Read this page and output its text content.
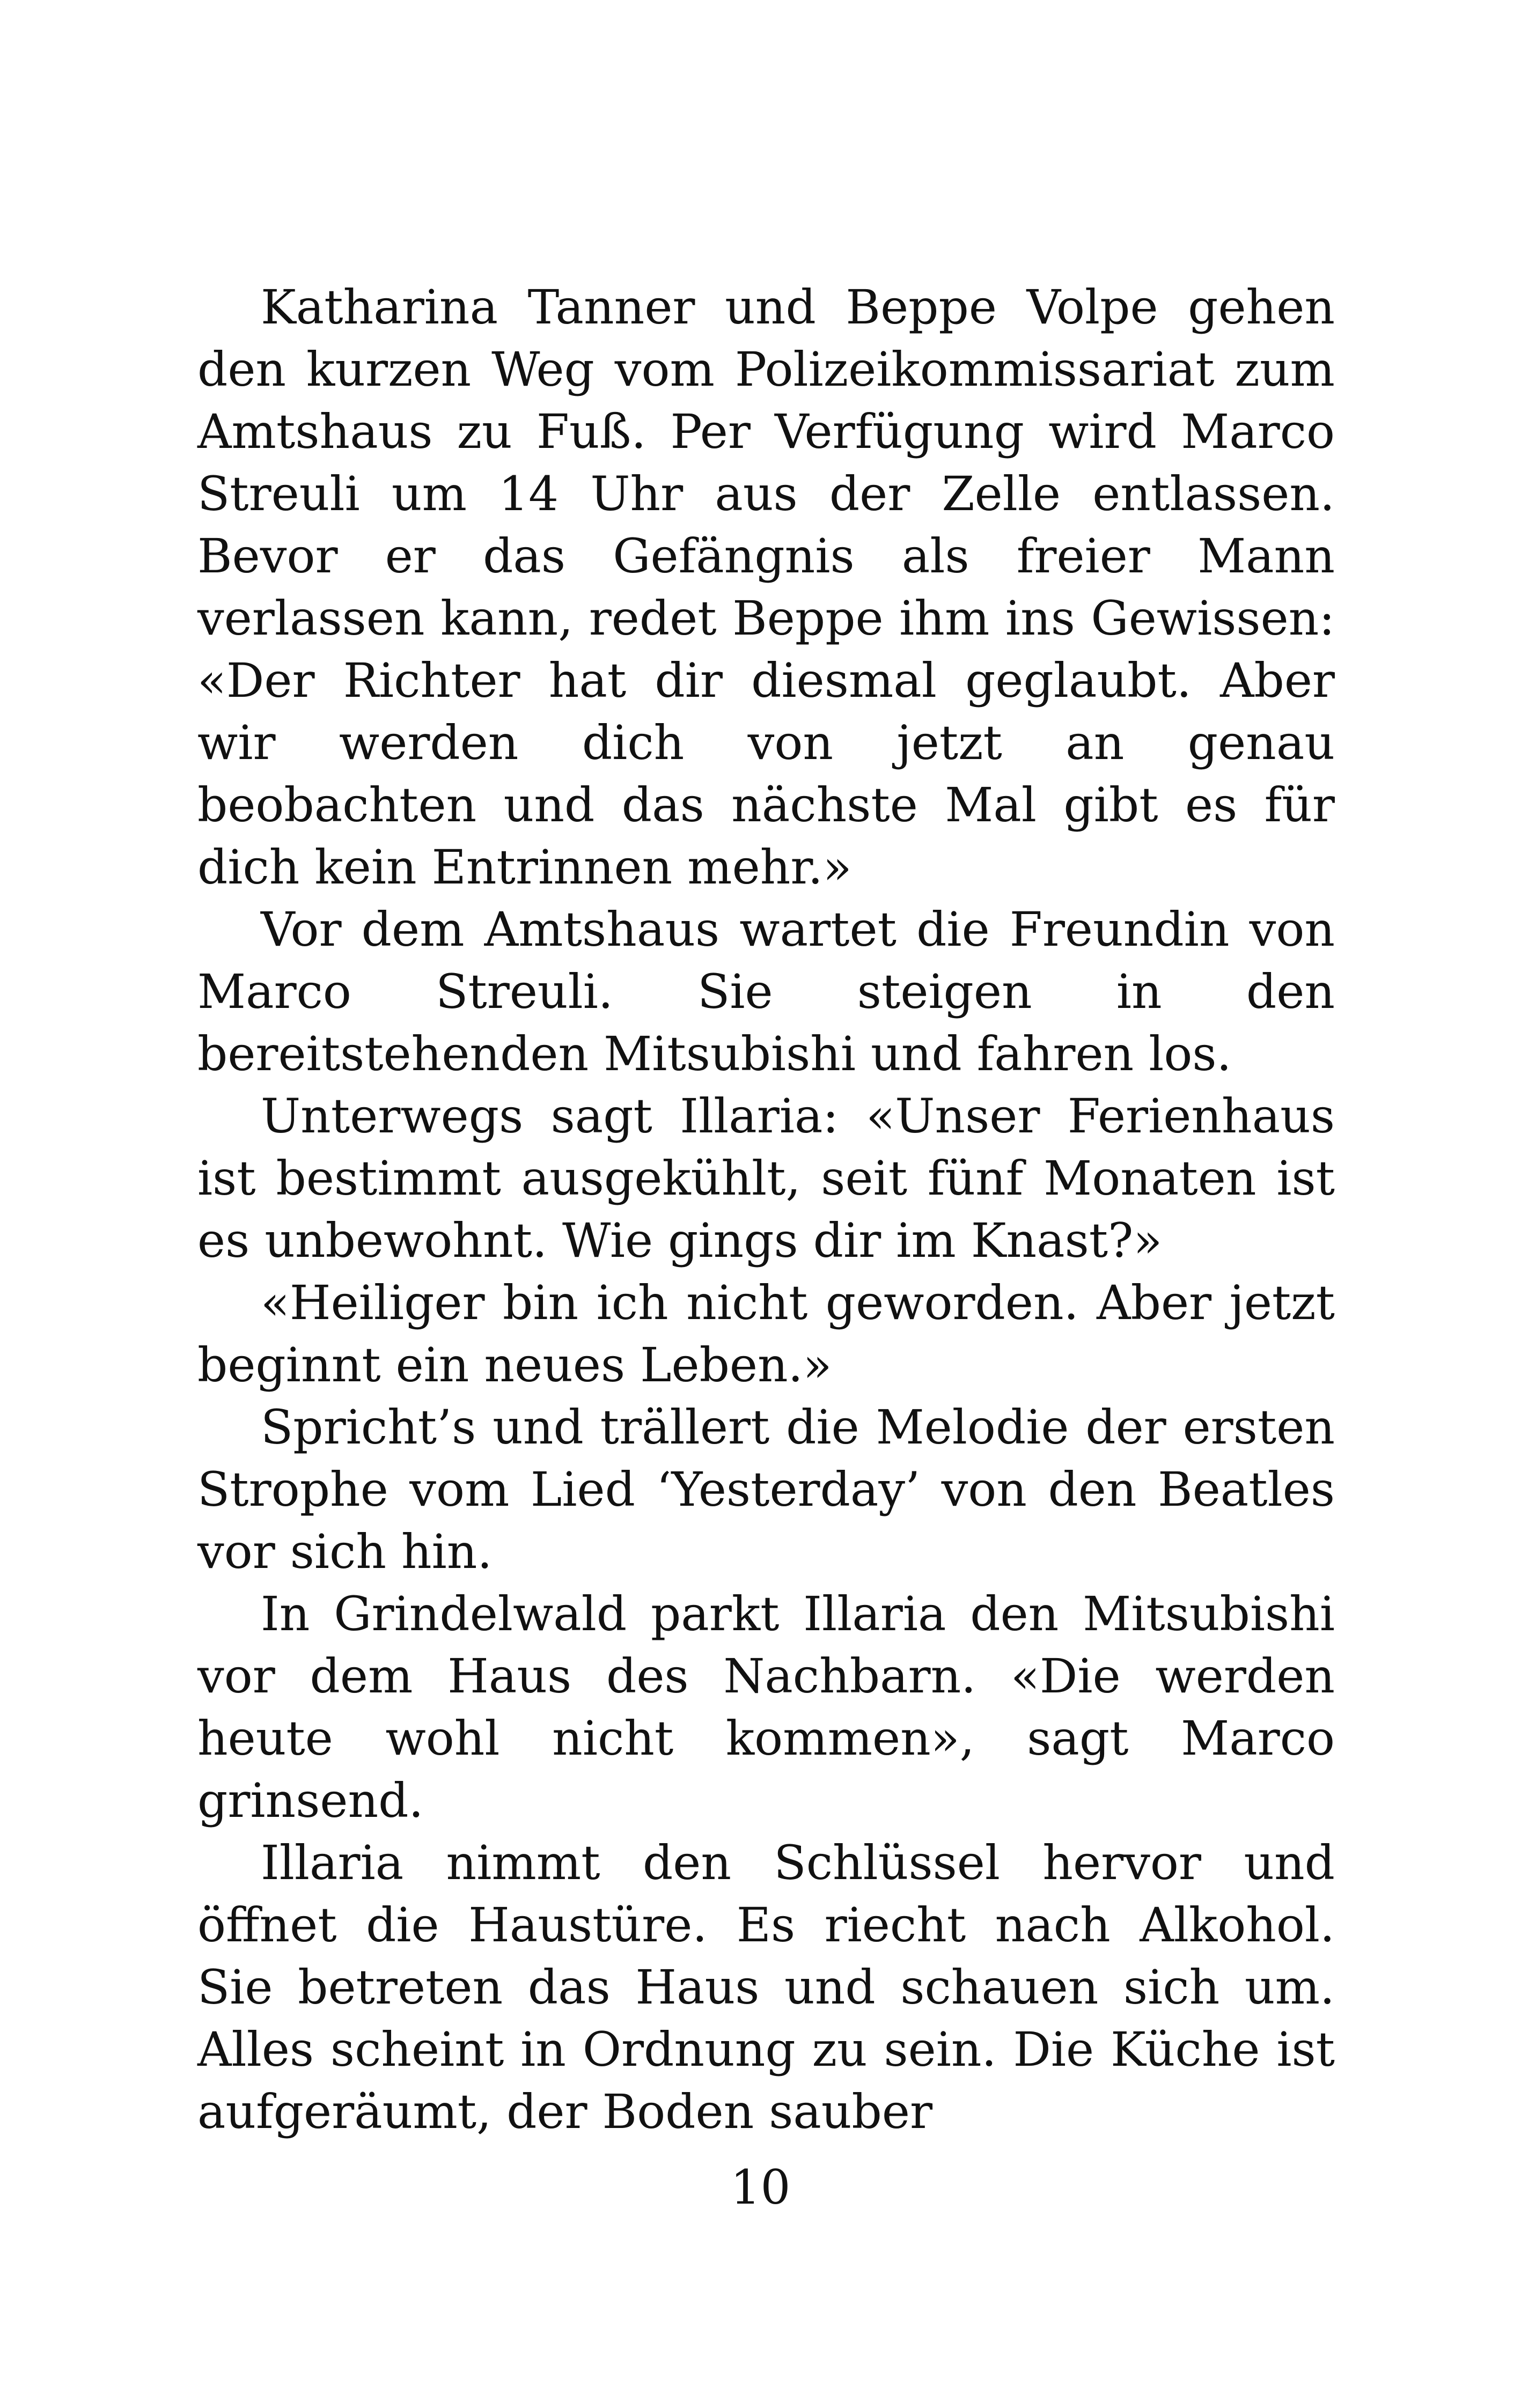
Katharina Tanner und Beppe Volpe gehen den kurzen Weg vom Polizeikommissariat zum Amtshaus zu Fuß. Per Verfügung wird Marco Streuli um 14 Uhr aus der Zelle entlassen. Bevor er das Gefängnis als freier Mann verlassen kann, redet Beppe ihm ins Gewissen: «Der Richter hat dir diesmal geglaubt. Aber wir werden dich von jetzt an genau beobachten und das nächste Mal gibt es für dich kein Entrinnen mehr.»

Vor dem Amtshaus wartet die Freundin von Marco Streuli. Sie steigen in den bereitstehenden Mitsubishi und fahren los.

Unterwegs sagt Illaria: «Unser Ferienhaus ist bestimmt ausgekühlt, seit fünf Monaten ist es unbewohnt. Wie gings dir im Knast?»

«Heiliger bin ich nicht geworden. Aber jetzt beginnt ein neues Leben.»

Spricht’s und trällert die Melodie der ersten Strophe vom Lied ‘Yesterday’ von den Beatles vor sich hin.

In Grindelwald parkt Illaria den Mitsubishi vor dem Haus des Nachbarn. «Die werden heute wohl nicht kommen», sagt Marco grinsend.

Illaria nimmt den Schlüssel hervor und öffnet die Haustüre. Es riecht nach Alkohol. Sie betreten das Haus und schauen sich um. Alles scheint in Ordnung zu sein. Die Küche ist aufgeräumt, der Boden sauber

10
